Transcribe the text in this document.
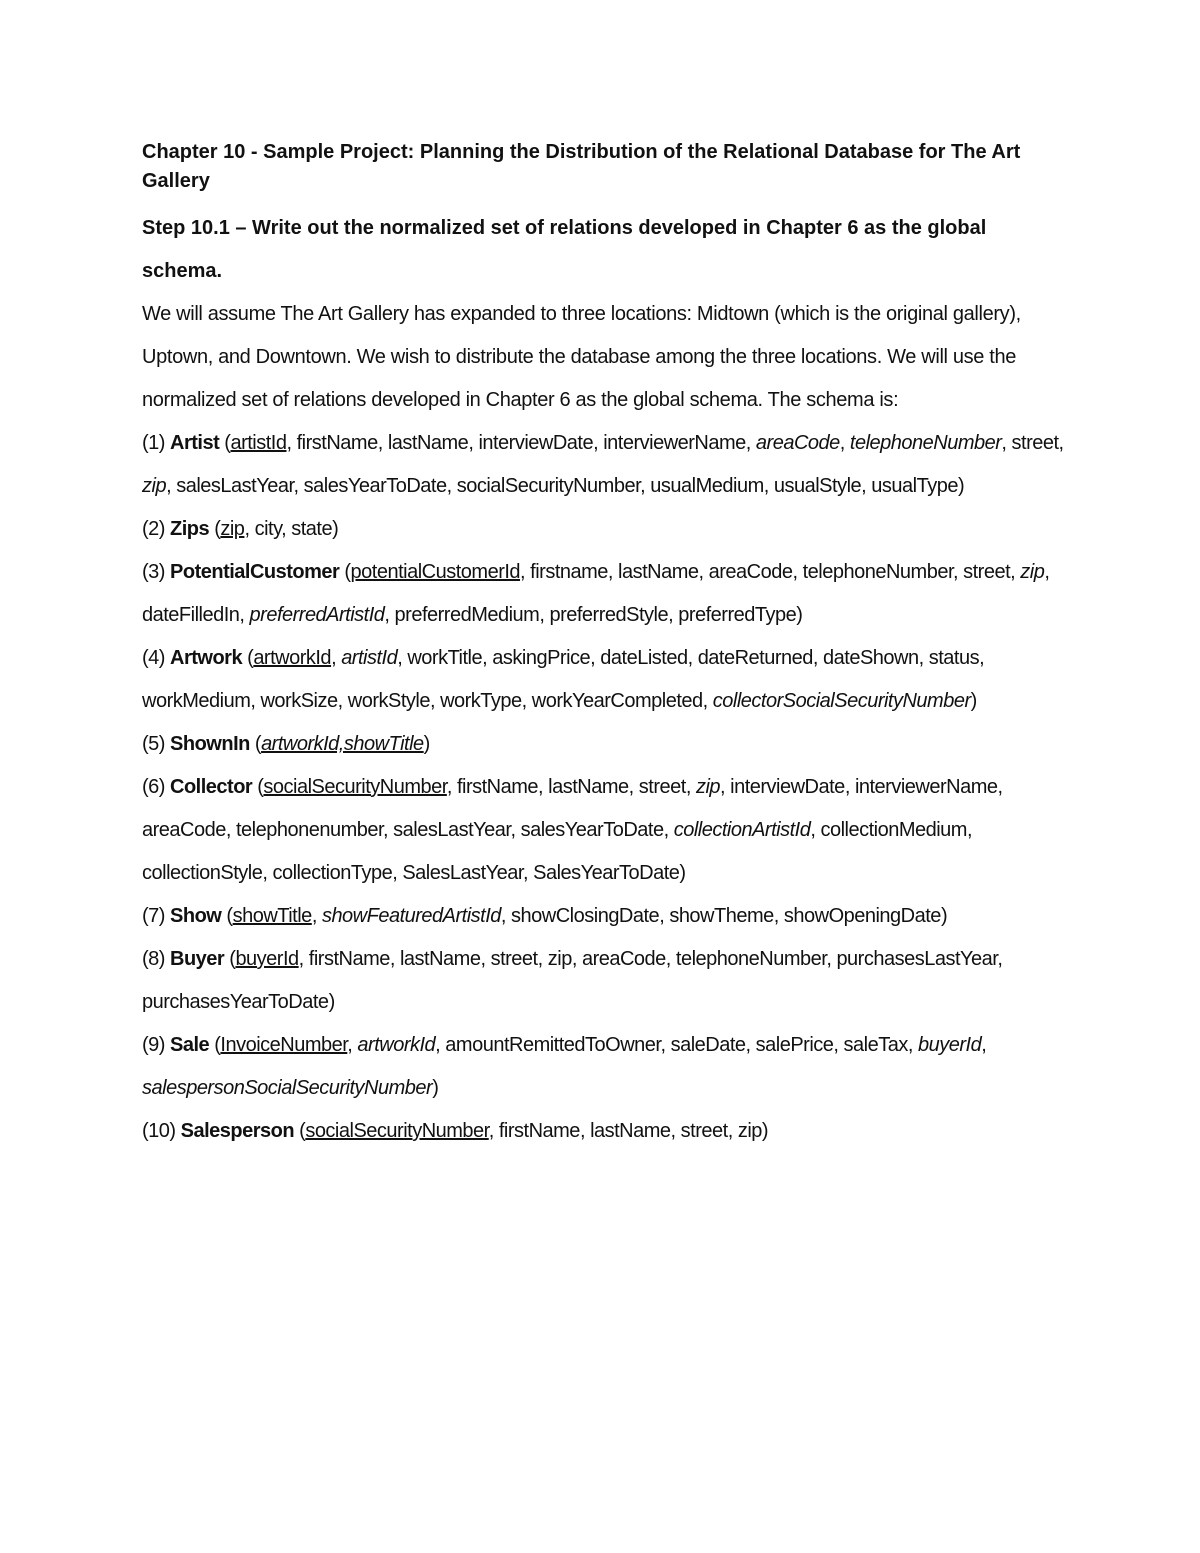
Chapter 10 - Sample Project: Planning the Distribution of the Relational Database for The Art Gallery

Step 10.1 – Write out the normalized set of relations developed in Chapter 6 as the global schema.
We will assume The Art Gallery has expanded to three locations: Midtown (which is the original gallery), Uptown, and Downtown. We wish to distribute the database among the three locations. We will use the normalized set of relations developed in Chapter 6 as the global schema. The schema is:
(1) Artist (artistId, firstName, lastName, interviewDate, interviewerName, areaCode, telephoneNumber, street, zip, salesLastYear, salesYearToDate, socialSecurityNumber, usualMedium, usualStyle, usualType)
(2) Zips (zip, city, state)
(3) PotentialCustomer (potentialCustomerId, firstname, lastName, areaCode, telephoneNumber, street, zip, dateFilledIn, preferredArtistId, preferredMedium, preferredStyle, preferredType)
(4) Artwork (artworkId, artistId, workTitle, askingPrice, dateListed, dateReturned, dateShown, status, workMedium, workSize, workStyle, workType, workYearCompleted, collectorSocialSecurityNumber)
(5) ShownIn (artworkId,showTitle)
(6) Collector (socialSecurityNumber, firstName, lastName, street, zip, interviewDate, interviewerName, areaCode, telephonenumber, salesLastYear, salesYearToDate, collectionArtistId, collectionMedium, collectionStyle, collectionType, SalesLastYear, SalesYearToDate)
(7) Show (showTitle, showFeaturedArtistId, showClosingDate, showTheme, showOpeningDate)
(8) Buyer (buyerId, firstName, lastName, street, zip, areaCode, telephoneNumber, purchasesLastYear, purchasesYearToDate)
(9) Sale (InvoiceNumber, artworkId, amountRemittedToOwner, saleDate, salePrice, saleTax, buyerId, salespersonSocialSecurityNumber)
(10) Salesperson (socialSecurityNumber, firstName, lastName, street, zip)
